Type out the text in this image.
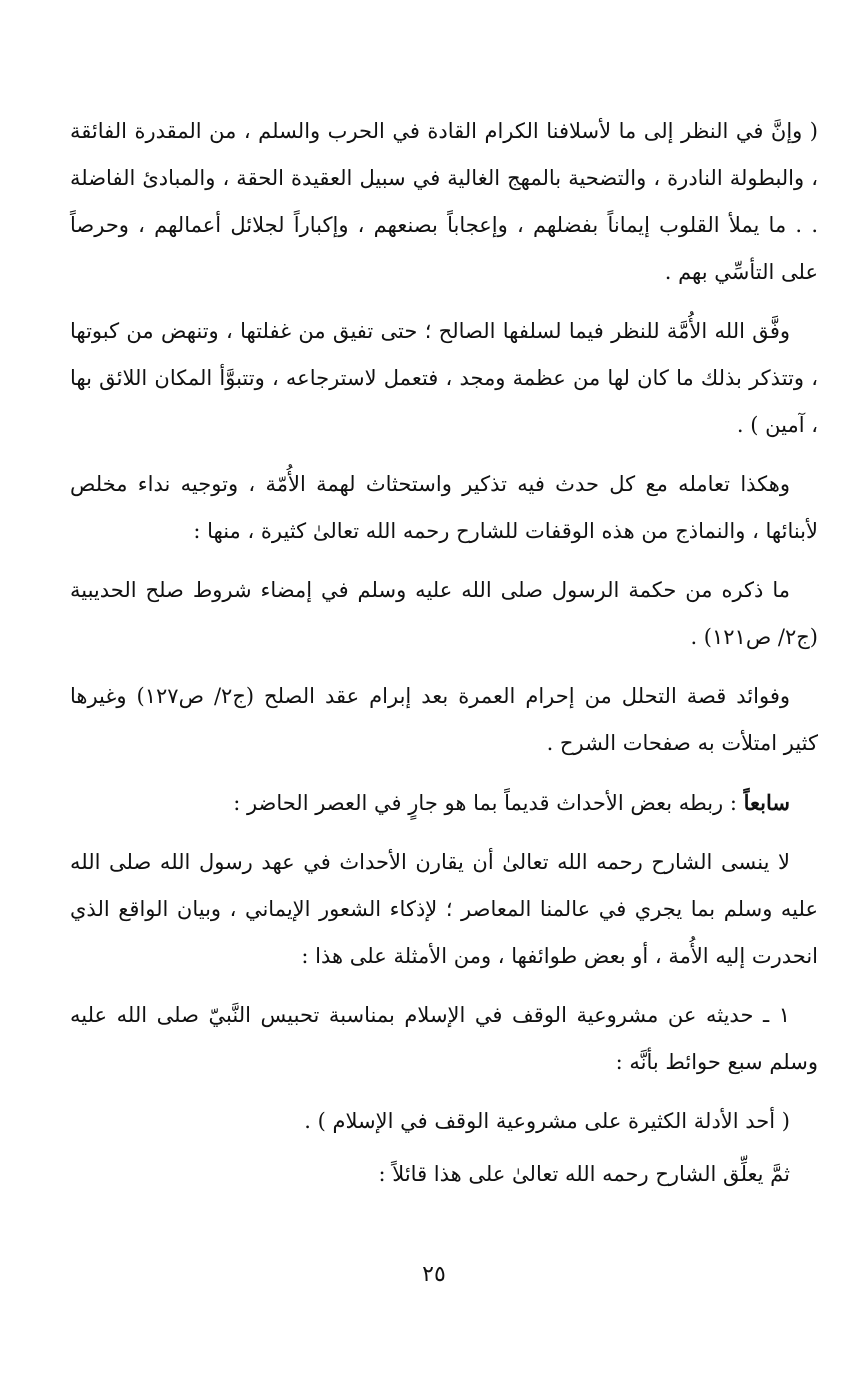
( وإنَّ في النظر إلى ما لأسلافنا الكرام القادة في الحرب والسلم ، من المقدرة الفائقة ، والبطولة النادرة ، والتضحية بالمهج الغالية في سبيل العقيدة الحقة ، والمبادئ الفاضلة . . ما يملأ القلوب إيماناً بفضلهم ، وإعجاباً بصنعهم ، وإكباراً لجلائل أعمالهم ، وحرصاً على التأسِّي بهم .

وفَّق الله الأُمَّة للنظر فيما لسلفها الصالح ؛ حتى تفيق من غفلتها ، وتنهض من كبوتها ، وتتذكر بذلك ما كان لها من عظمة ومجد ، فتعمل لاسترجاعه ، وتتبوَّأ المكان اللائق بها ، آمين ) .

وهكذا تعامله مع كل حدث فيه تذكير واستحثاث لهمة الأُمّة ، وتوجيه نداء مخلص لأبنائها ، والنماذج من هذه الوقفات للشارح رحمه الله تعالىٰ كثيرة ، منها :

ما ذكره من حكمة الرسول صلى الله عليه وسلم في إمضاء شروط صلح الحديبية (ج٢/ ص١٢١) .

وفوائد قصة التحلل من إحرام العمرة بعد إبرام عقد الصلح (ج٢/ ص١٢٧) وغيرها كثير امتلأت به صفحات الشرح .

سابعاً : ربطه بعض الأحداث قديماً بما هو جارٍ في العصر الحاضر :

لا ينسى الشارح رحمه الله تعالىٰ أن يقارن الأحداث في عهد رسول الله صلى الله عليه وسلم بما يجري في عالمنا المعاصر ؛ لإذكاء الشعور الإيماني ، وبيان الواقع الذي انحدرت إليه الأُمة ، أو بعض طوائفها ، ومن الأمثلة على هذا :

١ ـ حديثه عن مشروعية الوقف في الإسلام بمناسبة تحبيس النَّبيّ صلى الله عليه وسلم سبع حوائط بأنَّه :

( أحد الأدلة الكثيرة على مشروعية الوقف في الإسلام ) .

ثمَّ يعلِّق الشارح رحمه الله تعالىٰ على هذا قائلاً :

٢٥
